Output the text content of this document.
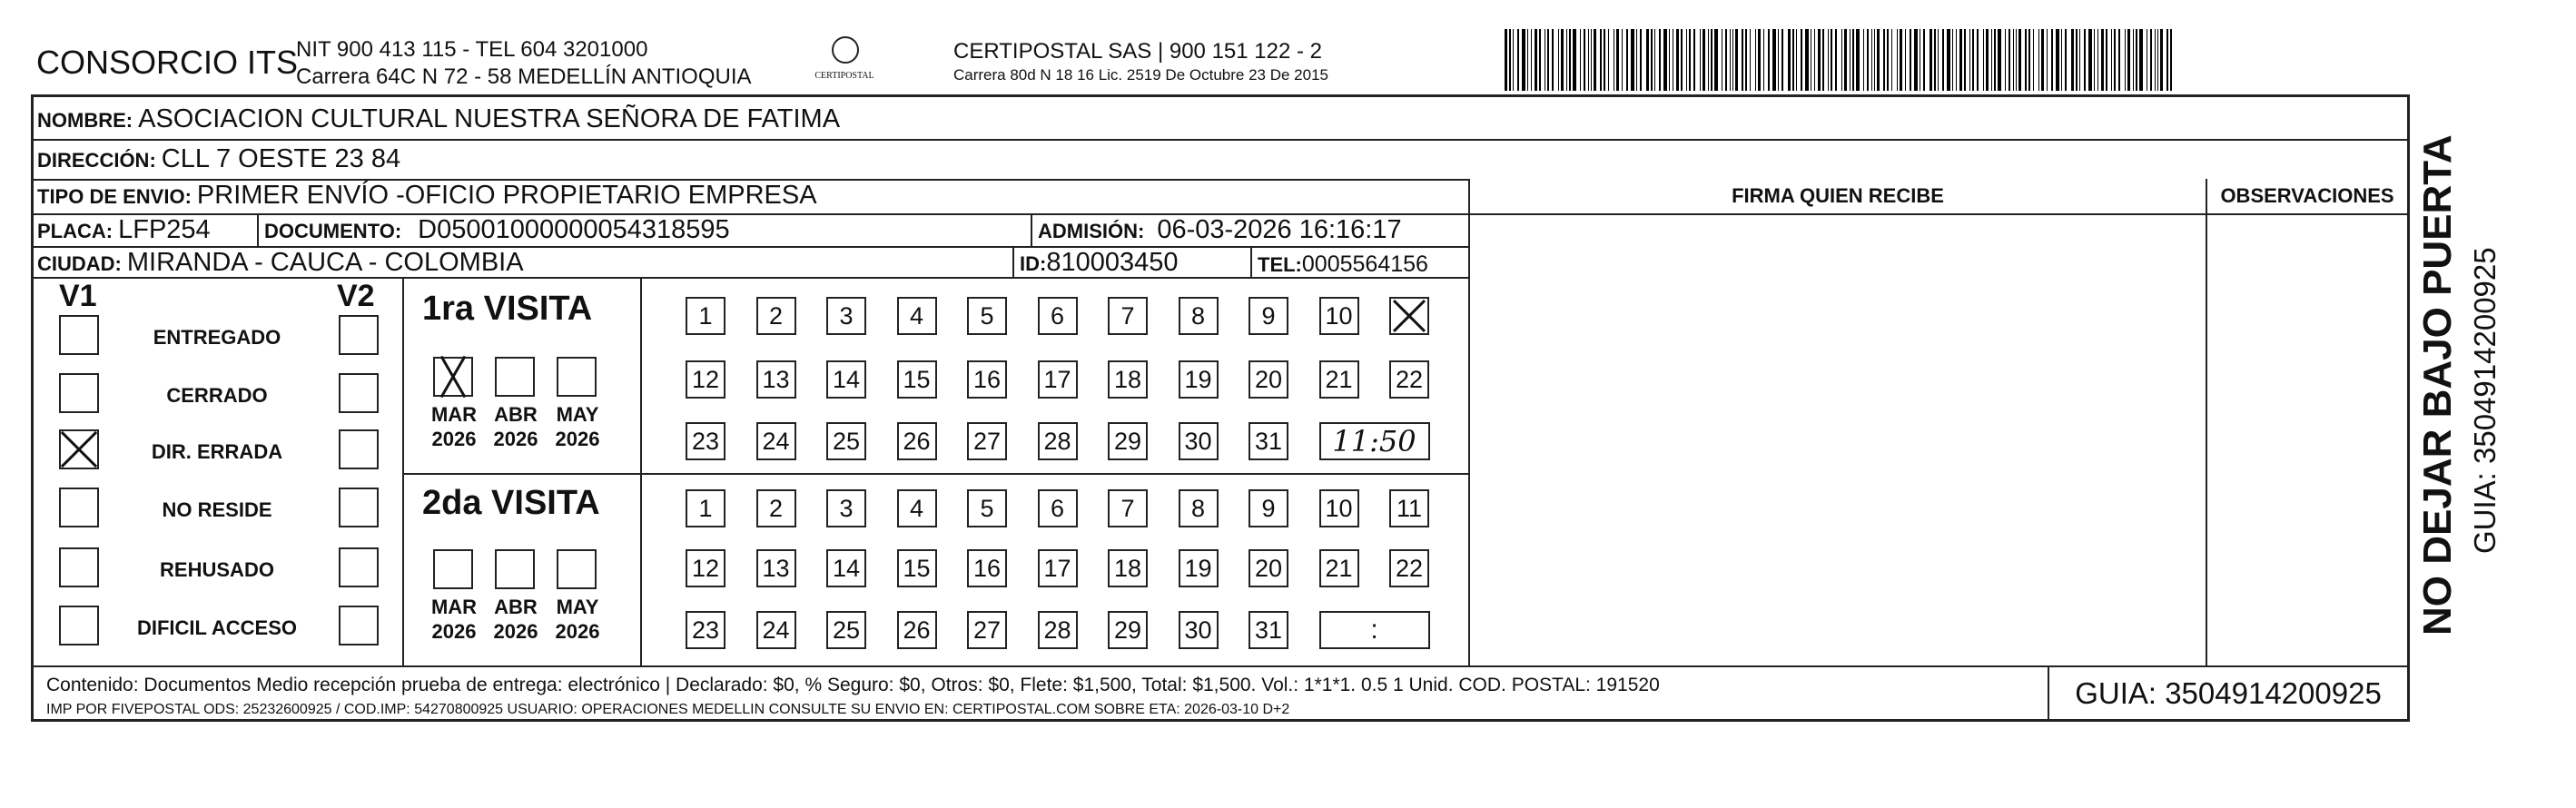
CONSORCIO ITS
NIT 900 413 115 - TEL 604 3201000
Carrera 64C N 72 - 58 MEDELLÍN ANTIOQUIA	CERTIPOSTAL
CERTIPOSTAL SAS | 900 151 122 - 2
Carrera 80d N 18 16 Lic. 2519 De Octubre 23 De 2015
NOMBRE: ASOCIACION CULTURAL NUESTRA SEÑORA DE FATIMA
DIRECCIÓN: CLL 7 OESTE 23 84
TIPO DE ENVIO: PRIMER ENVÍO -OFICIO PROPIETARIO EMPRESA
PLACA: LFP254	DOCUMENTO: D05001000000054318595	ADMISIÓN: 06-03-2026 16:16:17
CIUDAD: MIRANDA - CAUCA - COLOMBIA	ID: 810003450	TEL: 0005564156
FIRMA QUIEN RECIBE	OBSERVACIONES
V1	V2
ENTREGADO
CERRADO
DIR. ERRADA
NO RESIDE
REHUSADO
DIFICIL ACCESO
1ra VISITA
MAR
2026
ABR
2026
MAY
2026
1	2	3	4	5	6	7	8	9	10
12 13 14 15 16 17 18 19 20 21 22
23 24 25 26 27 28 29 30 31	11:50
2da VISITA
MAR
2026
ABR
2026
MAY
2026
1	2	3	4	5	6	7	8	9	10 11
12 13 14 15 16 17 18 19 20 21 22
23 24 25 26 27 28 29 30 31	:
Contenido: Documentos Medio recepción prueba de entrega: electrónico | Declarado: $0, % Seguro: $0, Otros: $0, Flete: $1,500, Total: $1,500. Vol.: 1*1*1. 0.5 1 Unid. COD. POSTAL: 191520
IMP POR FIVEPOSTAL ODS: 25232600925 / COD.IMP: 54270800925 USUARIO: OPERACIONES MEDELLIN CONSULTE SU ENVIO EN: CERTIPOSTAL.COM SOBRE ETA: 2026-03-10 D+2	GUIA: 3504914200925
NO DEJAR BAJO PUERTA GUIA: 3504914200925
